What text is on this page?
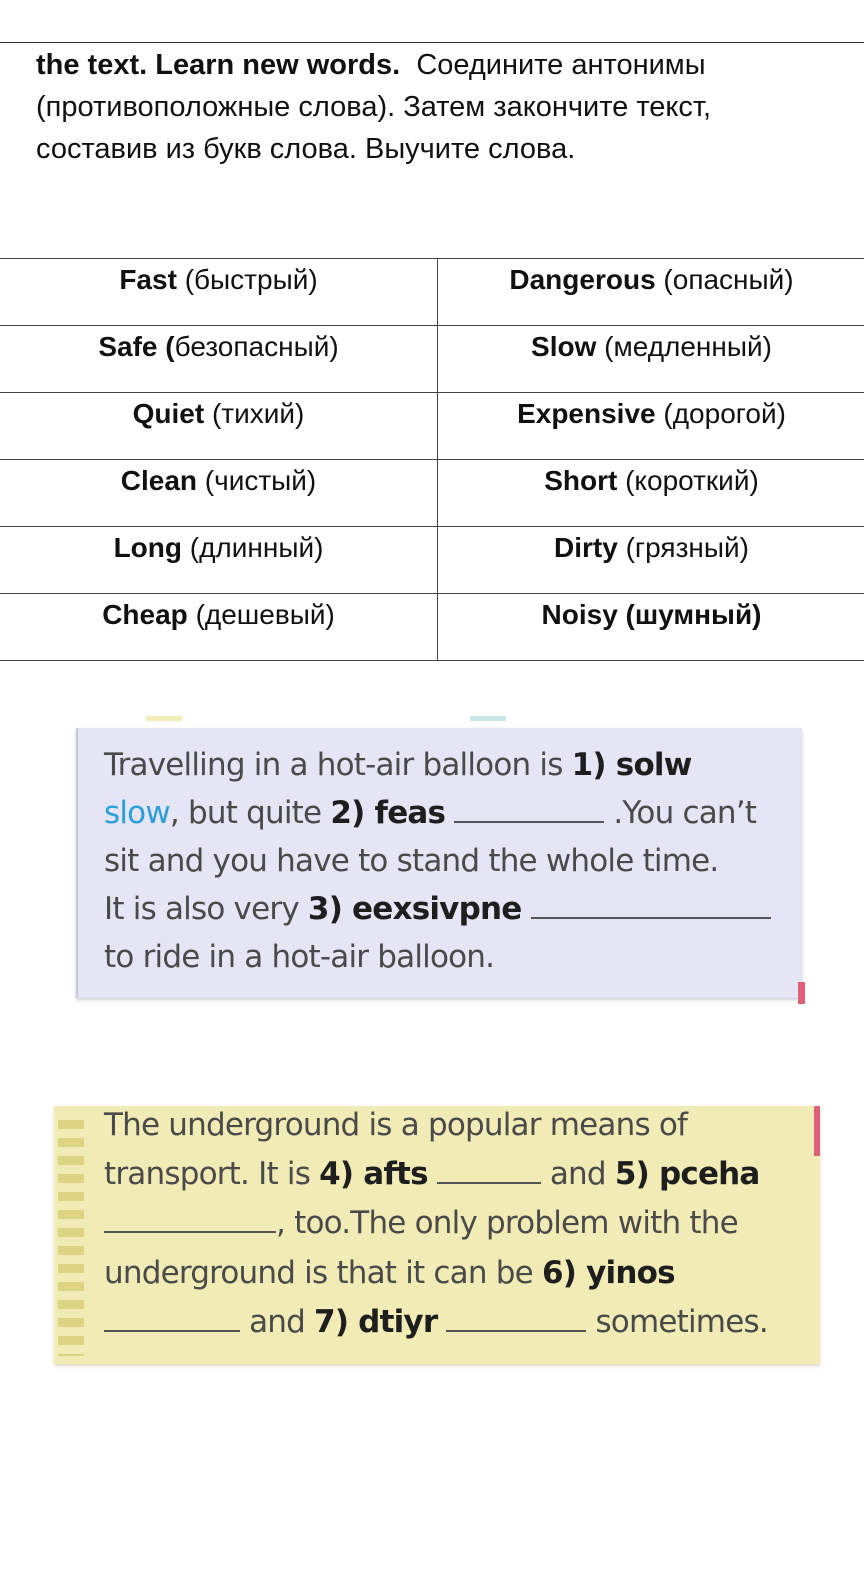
the text. Learn new words. Соедините антонимы
(противоположные слова). Затем закончите текст,
составив из букв слова. Выучите слова.
Fast (быстрый)	Dangerous (опасный)
Safe (безопасный)	Slow (медленный)
Quiet (тихий)	Expensive (дорогой)
Clean (чистый)	Short (короткий)
Long (длинный)	Dirty (грязный)
Cheap (дешевый)	Noisy (шумный)
Travelling in a hot-air balloon is 1) solw
slow, but quite 2) feas	.You can’t
sit and you have to stand the whole time.
It is also very 3) eexsivpne
to ride in a hot-air balloon.
The underground is a popular means of
transport. It is 4) afts	and 5) pceha
, too.The only problem with the
underground is that it can be 6) yinos
and 7) dtiyr	sometimes.
